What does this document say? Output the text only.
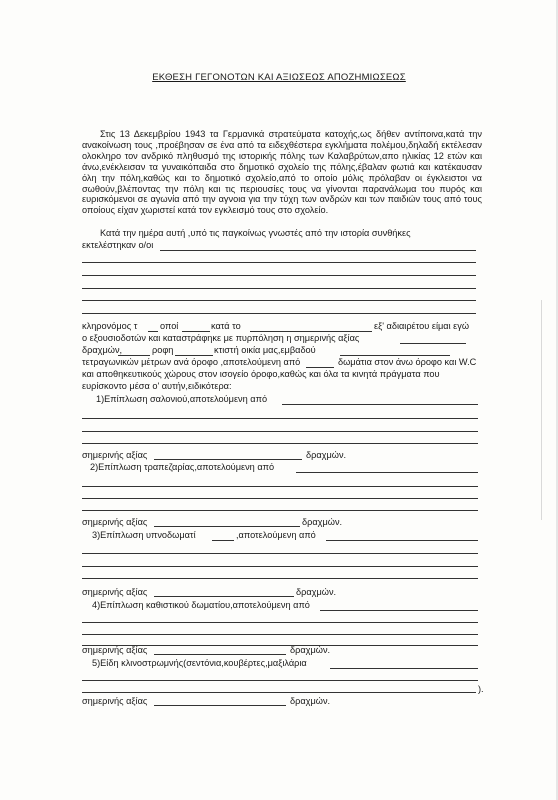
ΕΚΘΕΣΗ ΓΕΓΟΝΟΤΩΝ ΚΑΙ ΑΞΙΩΣΕΩΣ ΑΠΟΖΗΜΙΩΣΕΩΣ
Στις 13 Δεκεμβρίου 1943 τα Γερμανικά στρατεύματα κατοχής,ως δήθεν αντίποινα,κατά την ανακοίνωση τους ,προέβησαν σε ένα από τα ειδεχθέστερα εγκλήματα πολέμου,δηλαδή εκτέλεσαν ολοκληρο τον ανδρικό πληθυσμό της ιστορικής πόλης των Καλαβρύτων,απο ηλικίας 12 ετών και άνω,ενέκλεισαν τα γυναικόπαιδα στο δημοτικό σχολείο της πόλης,έβαλαν φωτιά και κατέκαυσαν όλη την πόλη,καθώς και το δημοτικό σχολείο,από το οποίο μόλις πρόλαβαν οι έγκλειστοι να σωθούν,βλέποντας την πόλη και τις περιουσίες τους να γίνονται παρανάλωμα του πυρός και ευρισκόμενοι σε αγωνία από την αγνοια για την τύχη των ανδρών και των παιδιών τους από τους οποίους είχαν χωριστεί κατά τον εγκλεισμό τους στο σχολείο.
Κατά την ημέρα αυτή ,υπό τις παγκοίνως γνωστές από την ιστορία συνθήκες
εκτελέστηκαν ο/οι
κληρονόμος τ οποί	κατά το	εξ' αδιαιρέτου είμαι εγώ
ο εξουσιοδοτών και καταστράφηκε με πυρπόληση η σημερινής αξίας
δραχμών,	ροφη	κτιστή οικία μας,εμβαδού
τετραγωνικών μέτρων ανά όροφο ,αποτελούμενη από	δωμάτια στον άνω όροφο και W.C
και αποθηκευτικούς χώρους στον ισογείο όροφο,καθώς και όλα τα κινητά πράγματα που
ευρίσκοντο μέσα ο' αυτήν,ειδικότερα:
1)Επίπλωση σαλονιού,αποτελούμενη από
σημερινής αξίας	δραχμών.
2)Επίπλωση τραπεζαρίας,αποτελούμενη από
σημερινής αξίας	δραχμών.
3)Επίπλωση υπνοδωματί	,αποτελούμενη από
σημερινής αξίας	δραχμών.
4)Επίπλωση καθιστικού δωματίου,αποτελούμενη από
σημερινής αξίας	δραχμών.
5)Είδη κλινοστρωμνής(σεντόνια,κουβέρτες,μαξιλάρια
).
σημερινής αξίας	δραχμών.
